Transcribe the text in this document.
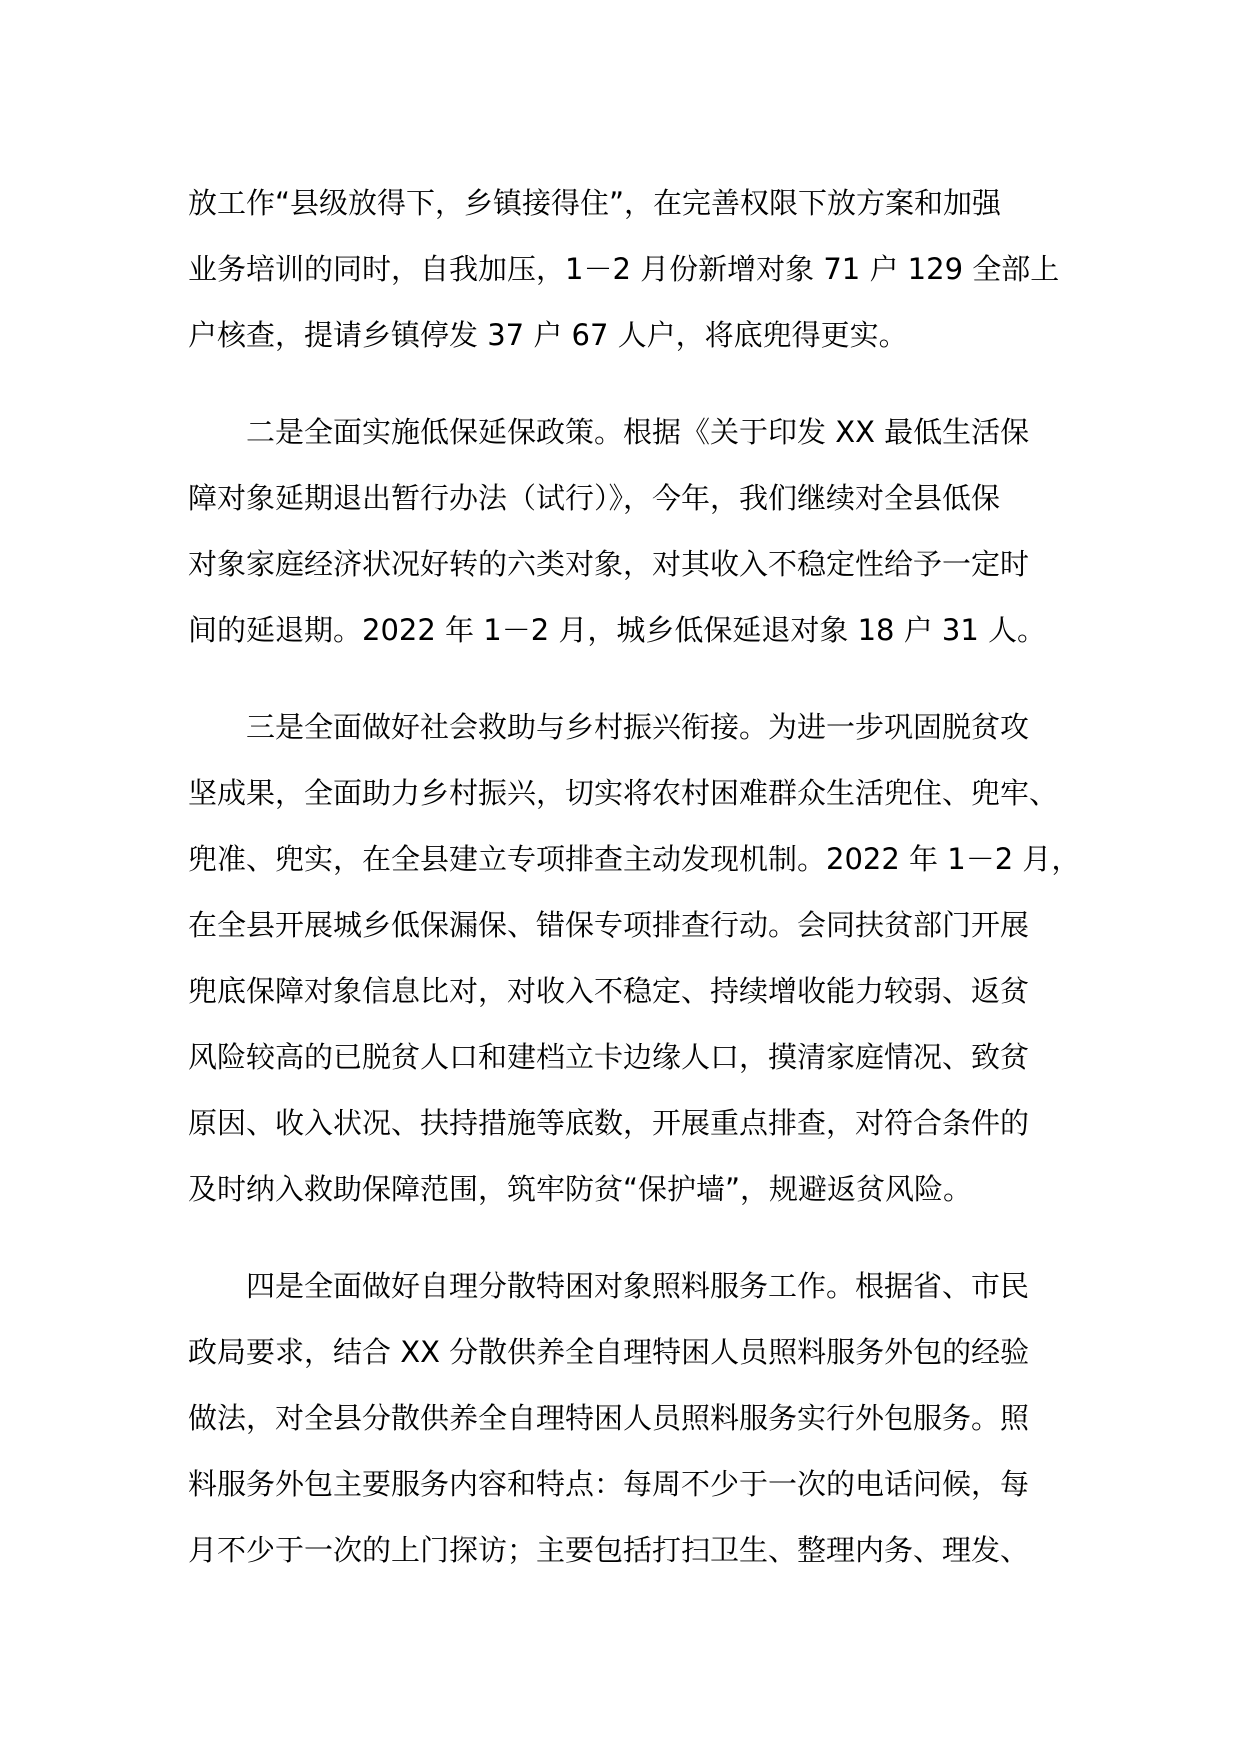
放工作“县级放得下，乡镇接得住”，在完善权限下放方案和加强
业务培训的同时，自我加压，1－2 月份新增对象 71 户 129 全部上
户核查，提请乡镇停发 37 户 67 人户，将底兜得更实。

二是全面实施低保延保政策。根据《关于印发 XX 最低生活保
障对象延期退出暂行办法（试行）》，今年，我们继续对全县低保
对象家庭经济状况好转的六类对象，对其收入不稳定性给予一定时
间的延退期。2022 年 1－2 月，城乡低保延退对象 18 户 31 人。

三是全面做好社会救助与乡村振兴衔接。为进一步巩固脱贫攻
坚成果，全面助力乡村振兴，切实将农村困难群众生活兜住、兜牢、
兜准、兜实，在全县建立专项排查主动发现机制。2022 年 1－2 月，
在全县开展城乡低保漏保、错保专项排查行动。会同扶贫部门开展
兜底保障对象信息比对，对收入不稳定、持续增收能力较弱、返贫
风险较高的已脱贫人口和建档立卡边缘人口，摸清家庭情况、致贫
原因、收入状况、扶持措施等底数，开展重点排查，对符合条件的
及时纳入救助保障范围，筑牢防贫“保护墙”，规避返贫风险。

四是全面做好自理分散特困对象照料服务工作。根据省、市民
政局要求，结合 XX 分散供养全自理特困人员照料服务外包的经验
做法，对全县分散供养全自理特困人员照料服务实行外包服务。照
料服务外包主要服务内容和特点：每周不少于一次的电话问候，每
月不少于一次的上门探访；主要包括打扫卫生、整理内务、理发、
